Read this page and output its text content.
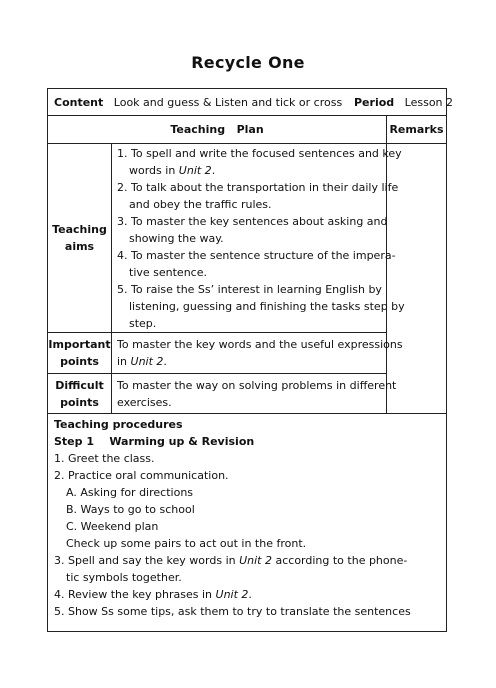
Recycle One
Content Look and guess & Listen and tick or cross Period Lesson 2
Teaching   Plan	Remarks
Teaching
aims
1. To spell and write the focused sentences and key
words in Unit 2.
2. To talk about the transportation in their daily life
and obey the traffic rules.
3. To master the key sentences about asking and
showing the way.
4. To master the sentence structure of the impera-
tive sentence.
5. To raise the Ss’ interest in learning English by
listening, guessing and finishing the tasks step by
step.
Important
points
To master the key words and the useful expressions
in Unit 2.
Difficult
points
To master the way on solving problems in different
exercises.
Teaching procedures
Step 1    Warming up & Revision
1. Greet the class.
2. Practice oral communication.
A. Asking for directions
B. Ways to go to school
C. Weekend plan
Check up some pairs to act out in the front.
3. Spell and say the key words in Unit 2 according to the phone-
tic symbols together.
4. Review the key phrases in Unit 2.
5. Show Ss some tips, ask them to try to translate the sentences
